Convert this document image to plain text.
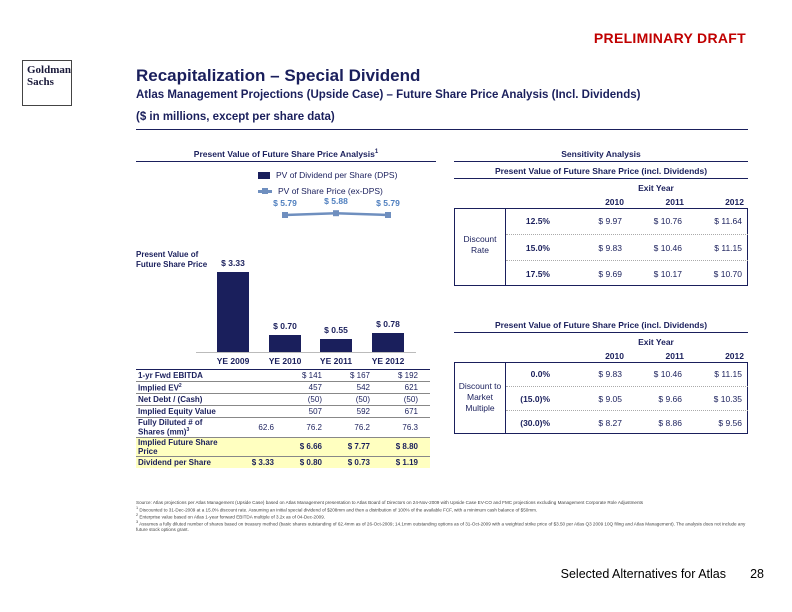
PRELIMINARY DRAFT
Goldman
Sachs	Recapitalization – Special Dividend
Atlas Management Projections (Upside Case) – Future Share Price Analysis (Incl. Dividends)
($ in millions, except per share data)
Present Value of Future Share Price Analysis$^1$
PV of Dividend per Share (DPS)
PV of Share Price (ex-DPS)
Present Value of
Future Share Price	$ 3.33
YE 2009
$ 0.70
YE 2010
$ 0.55
YE 2011
$ 0.78
YE 2012
$ 5.79	$ 5.88	$ 5.79
1-yr Fwd EBITDA		$ 141	$ 167	$ 192	
Implied $EV^2$		457	542	621	
Net Debt / (Cash)		(50)	(50)	(50)	
Implied Equity Value		507	592	671	
Fully Diluted # of Shares (mm)$^3$	62.6	76.2	76.2	76.3	
Implied Future Share Price		$ 6.66	$ 7.77	$ 8.80	
Dividend per Share	$ 3.33	$ 0.80	$ 0.73	$ 1.19	
Sensitivity Analysis
Present Value of Future Share Price (incl. Dividends)
Exit Year
2010	2011	2012
Discount
Rate
12.5%	$ 9.97	$ 10.76	$ 11.64
15.0%	$ 9.83	$ 10.46	$ 11.15
17.5%	$ 9.69	$ 10.17	$ 10.70
Present Value of Future Share Price (incl. Dividends)
Exit Year
2010	2011	2012
Discount to
Market
Multiple
0.0%	$ 9.83	$ 10.46	$ 11.15
(15.0)%	$ 9.05	$ 9.66	$ 10.35
(30.0)%	$ 8.27	$ 8.86	$ 9.56
Source: Atlas projections per Atlas Management (Upside Case) based on Atlas Management presentation to Atlas Board of Directors on 24-Nov-2009 with Upside Case EV-CO and FMC projections excluding Management Corporate Role Adjustments
$^1$ Discounted to 31-Dec-2009 at a 15.0% discount rate. Assuming an initial special dividend of $208mm and then a distribution of 100% of the available FCF, with a minimum cash balance of $50mm.
$^2$ Enterprise value based on Atlas 1-year forward EBITDA multiple of 3.2x as of 04-Dec-2009.
$^3$ Assumes a fully diluted number of shares based on treasury method (basic shares outstanding of 62.4mm as of 26-Oct-2009; 14.1mm outstanding options as of 31-Oct-2009 with a weighted strike price of $3.50 per Atlas Q3 2009 10Q filing and Atlas Management). The analysis does not include any future stock options grant.
Selected Alternatives for Atlas 28
